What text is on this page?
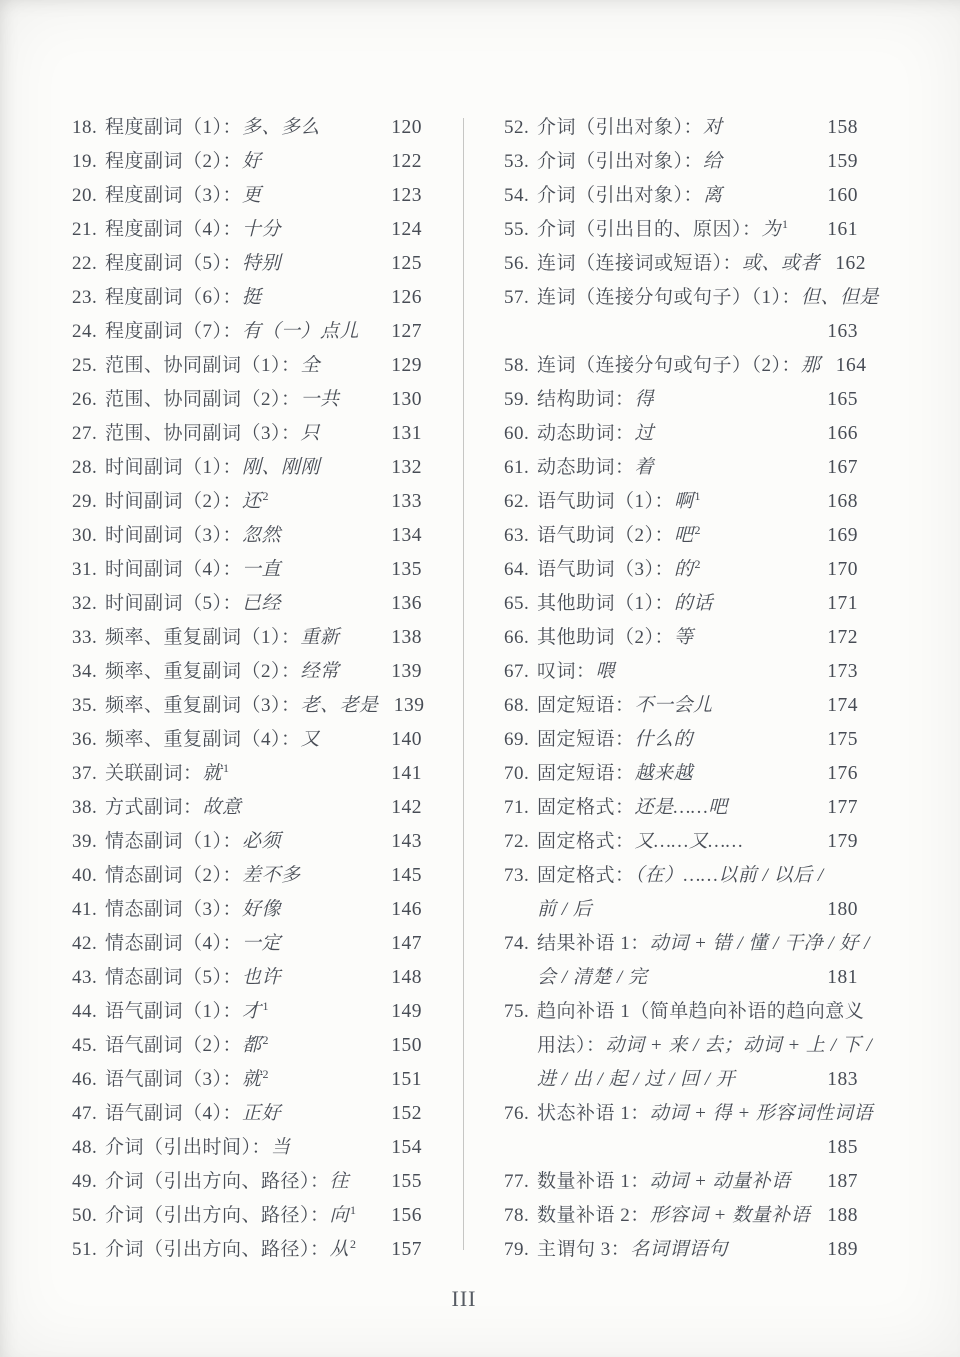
18. 程度副词（1）：多、多么	120
19. 程度副词（2）：好	122
20. 程度副词（3）：更	123
21. 程度副词（4）：十分	124
22. 程度副词（5）：特别	125
23. 程度副词（6）：挺	126
24. 程度副词（7）：有（一）点儿	127
25. 范围、协同副词（1）：全	129
26. 范围、协同副词（2）：一共	130
27. 范围、协同副词（3）：只	131
28. 时间副词（1）：刚、刚刚	132
29. 时间副词（2）：还$^2$	133
30. 时间副词（3）：忽然	134
31. 时间副词（4）：一直	135
32. 时间副词（5）：已经	136
33. 频率、重复副词（1）：重新	138
34. 频率、重复副词（2）：经常	139
35. 频率、重复副词（3）：老、老是 139
36. 频率、重复副词（4）：又	140
37. 关联副词：就$^1$	141
38. 方式副词：故意	142
39. 情态副词（1）：必须	143
40. 情态副词（2）：差不多	145
41. 情态副词（3）：好像	146
42. 情态副词（4）：一定	147
43. 情态副词（5）：也许	148
44. 语气副词（1）：才$^1$	149
45. 语气副词（2）：都$^2$	150
46. 语气副词（3）：就$^2$	151
47. 语气副词（4）：正好	152
48. 介词（引出时间）：当	154
49. 介词（引出方向、路径）：往	155
50. 介词（引出方向、路径）：向$^1$	156
51. 介词（引出方向、路径）：从$^2$	157
52. 介词（引出对象）：对	158
53. 介词（引出对象）：给	159
54. 介词（引出对象）：离	160
55. 介词（引出目的、原因）：为$^1$	161
56. 连词（连接词或短语）：或、或者 162
57. 连词（连接分句或句子）（1）：但、但是
163
58. 连词（连接分句或句子）（2）：那 164
59. 结构助词：得	165
60. 动态助词：过	166
61. 动态助词：着	167
62. 语气助词（1）：啊$^1$	168
63. 语气助词（2）：吧$^2$	169
64. 语气助词（3）：的$^2$	170
65. 其他助词（1）：的话	171
66. 其他助词（2）：等	172
67. 叹词：喂	173
68. 固定短语：不一会儿	174
69. 固定短语：什么的	175
70. 固定短语：越来越	176
71. 固定格式：还是……吧	177
72. 固定格式：又……又……	179
73. 固定格式：（在）……以前 / 以后 /
前 / 后	180
74. 结果补语 1：动词 + 错 / 懂 / 干净 / 好 /
会 / 清楚 / 完	181
75. 趋向补语 1（简单趋向补语的趋向意义
用法）：动词 + 来 / 去；动词 + 上 / 下 /
进 / 出 / 起 / 过 / 回 / 开	183
76. 状态补语 1：动词 + 得 + 形容词性词语
185
77. 数量补语 1：动词 + 动量补语	187
78. 数量补语 2：形容词 + 数量补语 188
79. 主谓句 3：名词谓语句	189
III
